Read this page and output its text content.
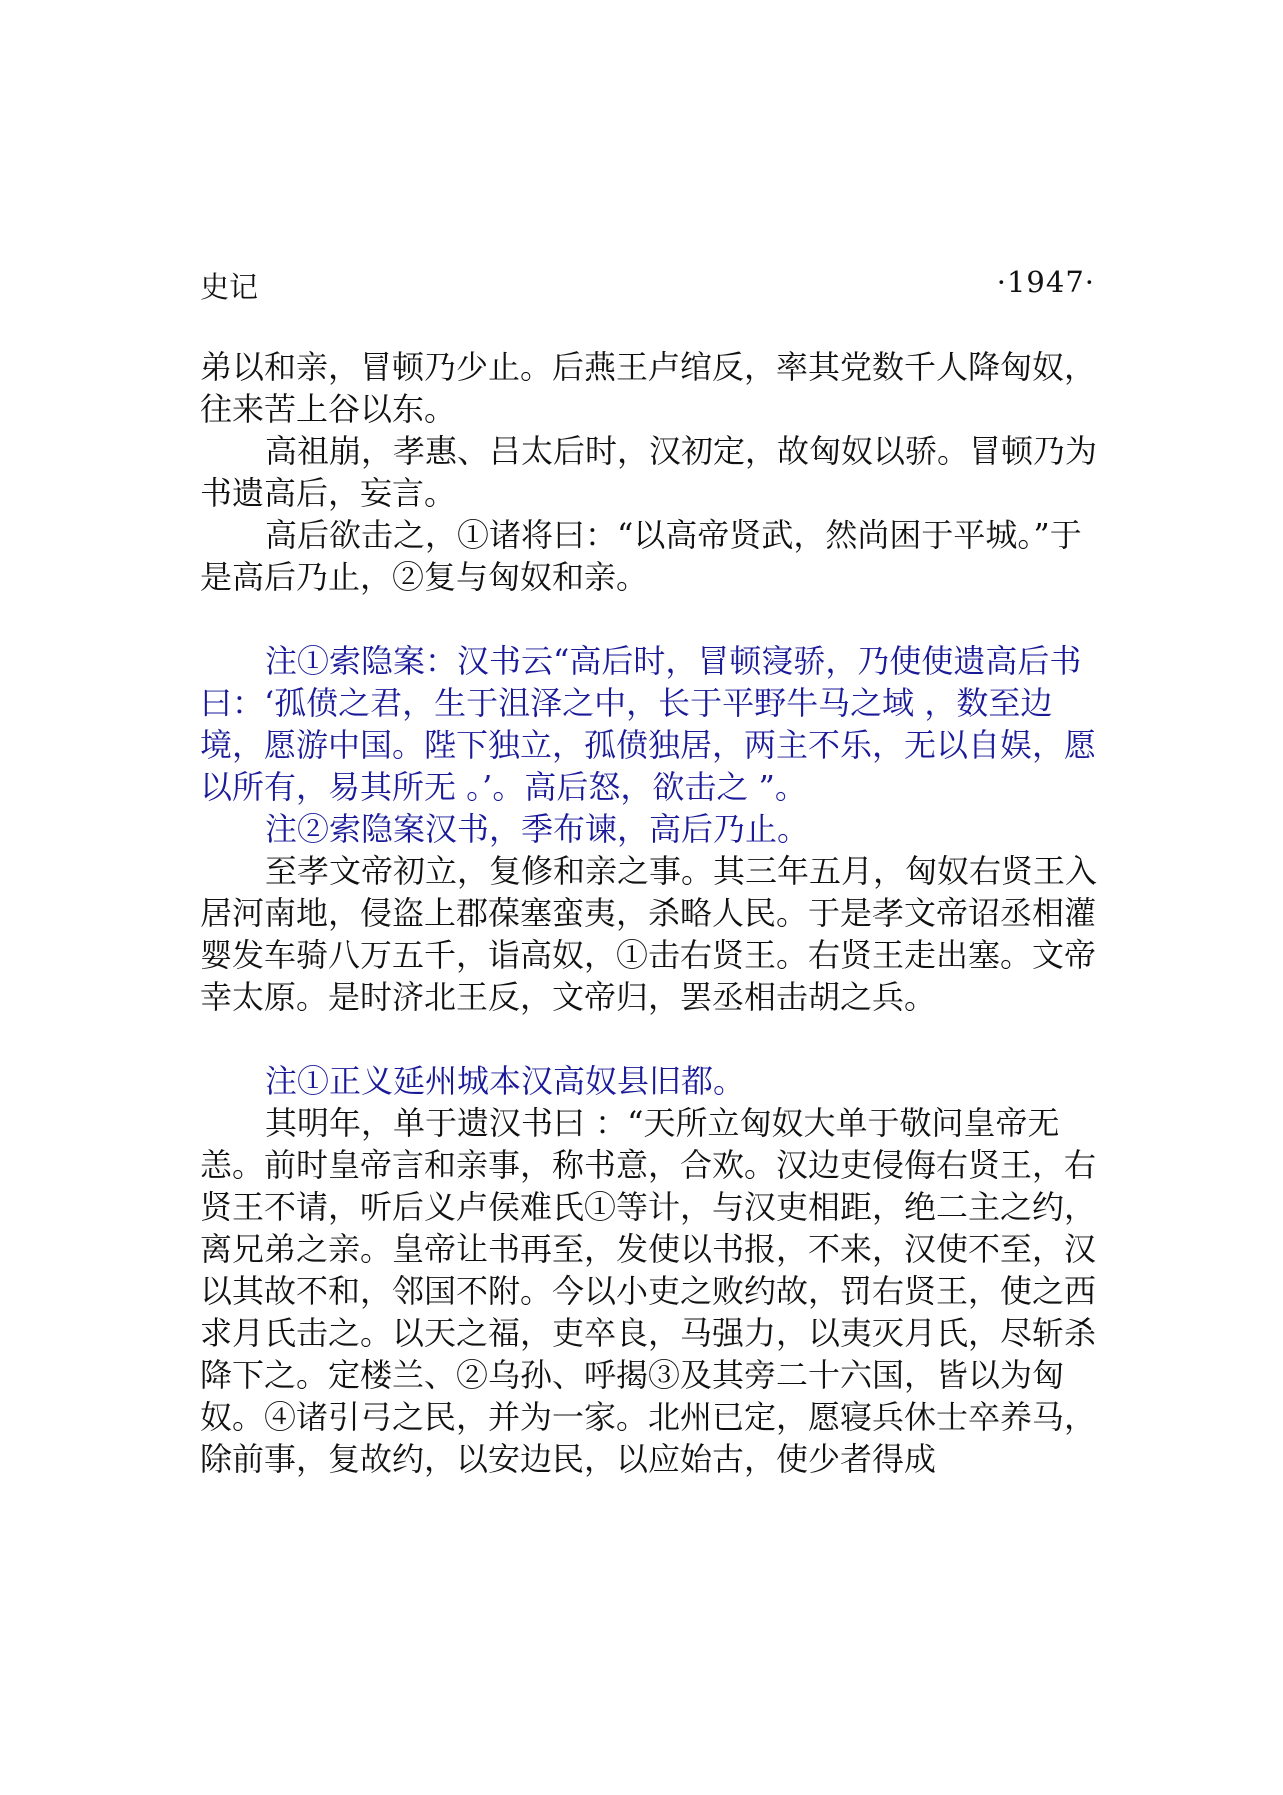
史记	·1947·

弟以和亲，冒顿乃少止。后燕王卢绾反，率其党数千人降匈奴，往来苦上谷以东。

高祖崩，孝惠、吕太后时，汉初定，故匈奴以骄。冒顿乃为书遗高后，妄言。

高后欲击之，①诸将曰：“以高帝贤武，然尚困于平城。”于是高后乃止，②复与匈奴和亲。

注①索隐案：汉书云“高后时，冒顿寖骄，乃使使遗高后书曰：‘孤偾之君，生于沮泽之中，长于平野牛马之域 ，数至边境，愿游中国。陛下独立，孤偾独居，两主不乐，无以自娱，愿以所有，易其所无 。’。高后怒，欲击之 ”。

注②索隐案汉书，季布谏，高后乃止。

至孝文帝初立，复修和亲之事。其三年五月，匈奴右贤王入居河南地，侵盗上郡葆塞蛮夷，杀略人民。于是孝文帝诏丞相灌婴发车骑八万五千，诣高奴，①击右贤王。右贤王走出塞。文帝幸太原。是时济北王反，文帝归，罢丞相击胡之兵。

注①正义延州城本汉高奴县旧都。

其明年，单于遗汉书曰 ：“天所立匈奴大单于敬问皇帝无恙。前时皇帝言和亲事，称书意，合欢。汉边吏侵侮右贤王，右贤王不请，听后义卢侯难氏①等计，与汉吏相距，绝二主之约，离兄弟之亲。皇帝让书再至，发使以书报，不来，汉使不至，汉以其故不和，邻国不附。今以小吏之败约故，罚右贤王，使之西求月氏击之。以天之福，吏卒良，马强力，以夷灭月氏，尽斩杀降下之。定楼兰、②乌孙、呼揭③及其旁二十六国，皆以为匈奴。④诸引弓之民，并为一家。北州已定，愿寝兵休士卒养马，除前事，复故约，以安边民，以应始古，使少者得成
